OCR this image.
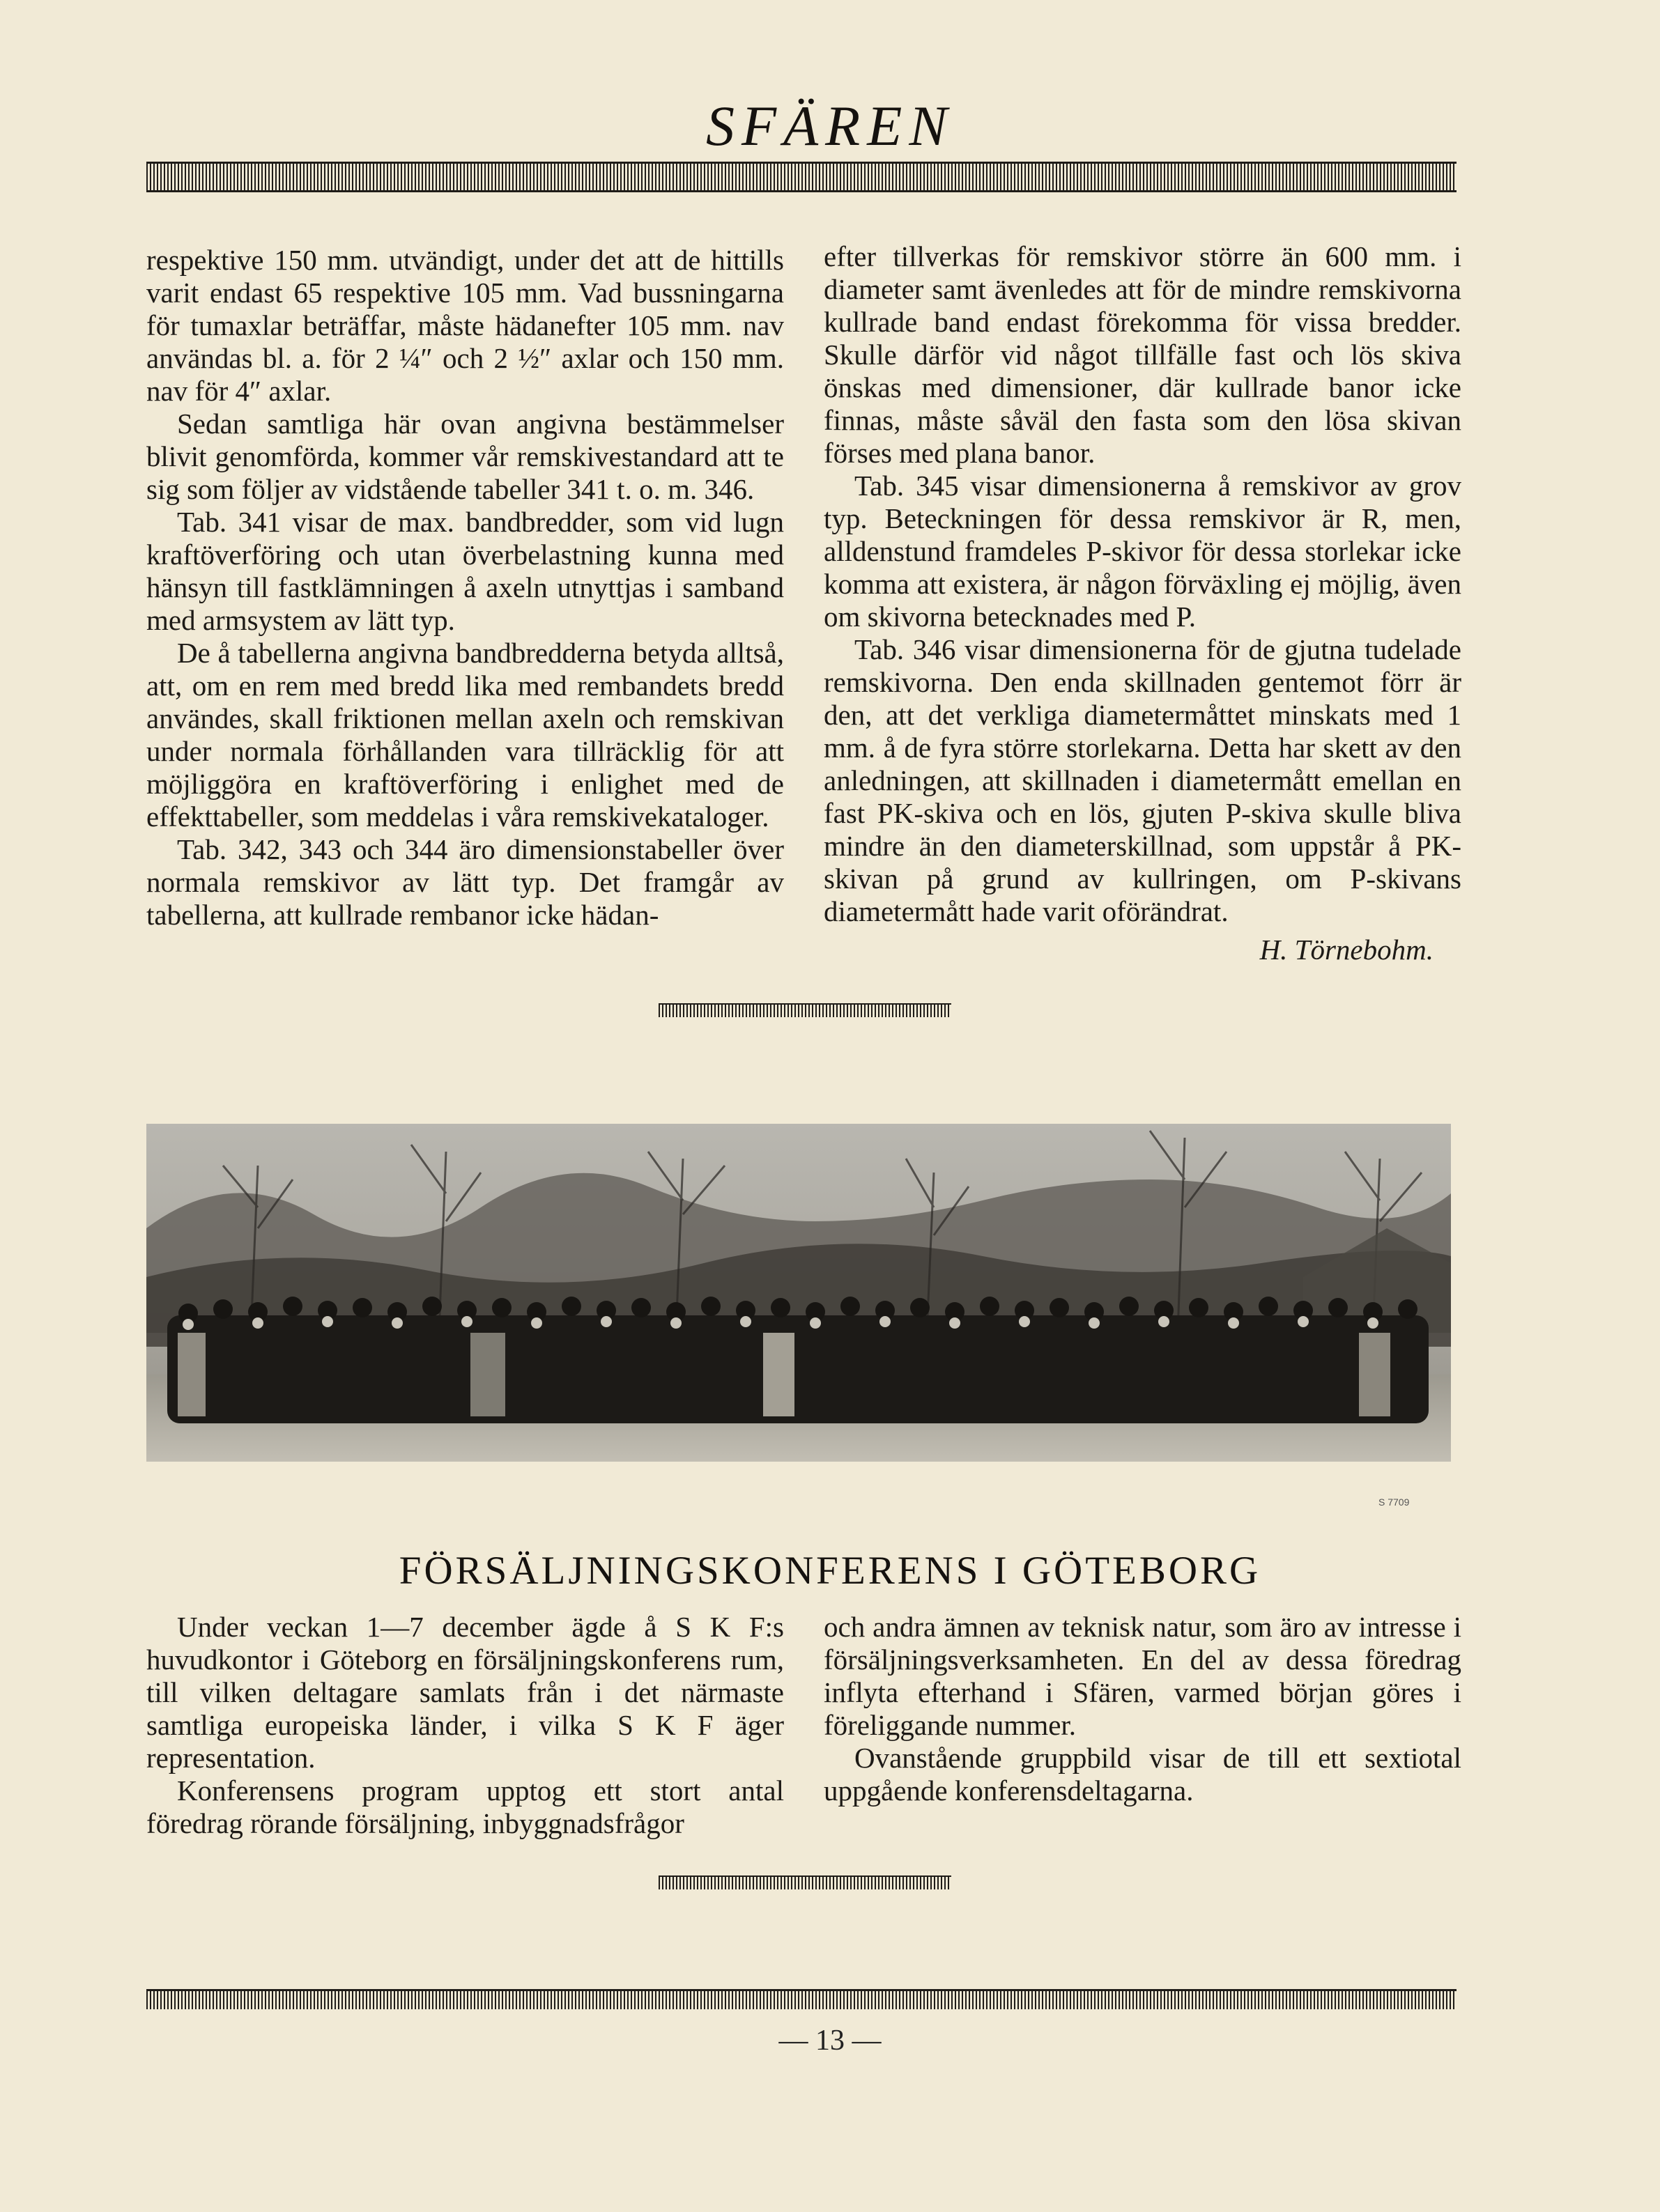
SFÄREN

respektive 150 mm. utvändigt, under det att de hittills varit endast 65 respektive 105 mm. Vad bussningarna för tumaxlar beträffar, måste hädanefter 105 mm. nav användas bl. a. för 2 ¼″ och 2 ½″ axlar och 150 mm. nav för 4″ axlar.

Sedan samtliga här ovan angivna bestämmelser blivit genomförda, kommer vår remskivestandard att te sig som följer av vidstående tabeller 341 t. o. m. 346.

Tab. 341 visar de max. bandbredder, som vid lugn kraftöverföring och utan överbelastning kunna med hänsyn till fastklämningen å axeln utnyttjas i samband med armsystem av lätt typ.

De å tabellerna angivna bandbredderna betyda alltså, att, om en rem med bredd lika med rembandets bredd användes, skall friktionen mellan axeln och remskivan under normala förhållanden vara tillräcklig för att möjliggöra en kraftöverföring i enlighet med de effekttabeller, som meddelas i våra remskivekataloger.

Tab. 342, 343 och 344 äro dimensionstabeller över normala remskivor av lätt typ. Det framgår av tabellerna, att kullrade rembanor icke hädan-

efter tillverkas för remskivor större än 600 mm. i diameter samt ävenledes att för de mindre remskivorna kullrade band endast förekomma för vissa bredder. Skulle därför vid något tillfälle fast och lös skiva önskas med dimensioner, där kullrade banor icke finnas, måste såväl den fasta som den lösa skivan förses med plana banor.

Tab. 345 visar dimensionerna å remskivor av grov typ. Beteckningen för dessa remskivor är R, men, alldenstund framdeles P-skivor för dessa storlekar icke komma att existera, är någon förväxling ej möjlig, även om skivorna betecknades med P.

Tab. 346 visar dimensionerna för de gjutna tudelade remskivorna. Den enda skillnaden gentemot förr är den, att det verkliga diametermåttet minskats med 1 mm. å de fyra större storlekarna. Detta har skett av den anledningen, att skillnaden i diametermått emellan en fast PK-skiva och en lös, gjuten P-skiva skulle bliva mindre än den diameterskillnad, som uppstår å PK-skivan på grund av kullringen, om P-skivans diametermått hade varit oförändrat.

H. Törnebohm.

S 7709
FÖRSÄLJNINGSKONFERENS I GÖTEBORG

Under veckan 1—7 december ägde å S K F:s huvudkontor i Göteborg en försäljningskonferens rum, till vilken deltagare samlats från i det närmaste samtliga europeiska länder, i vilka S K F äger representation.

Konferensens program upptog ett stort antal föredrag rörande försäljning, inbyggnadsfrågor

och andra ämnen av teknisk natur, som äro av intresse i försäljningsverksamheten. En del av dessa föredrag inflyta efterhand i Sfären, varmed början göres i föreliggande nummer.

Ovanstående gruppbild visar de till ett sextiotal uppgående konferensdeltagarna.

— 13 —
